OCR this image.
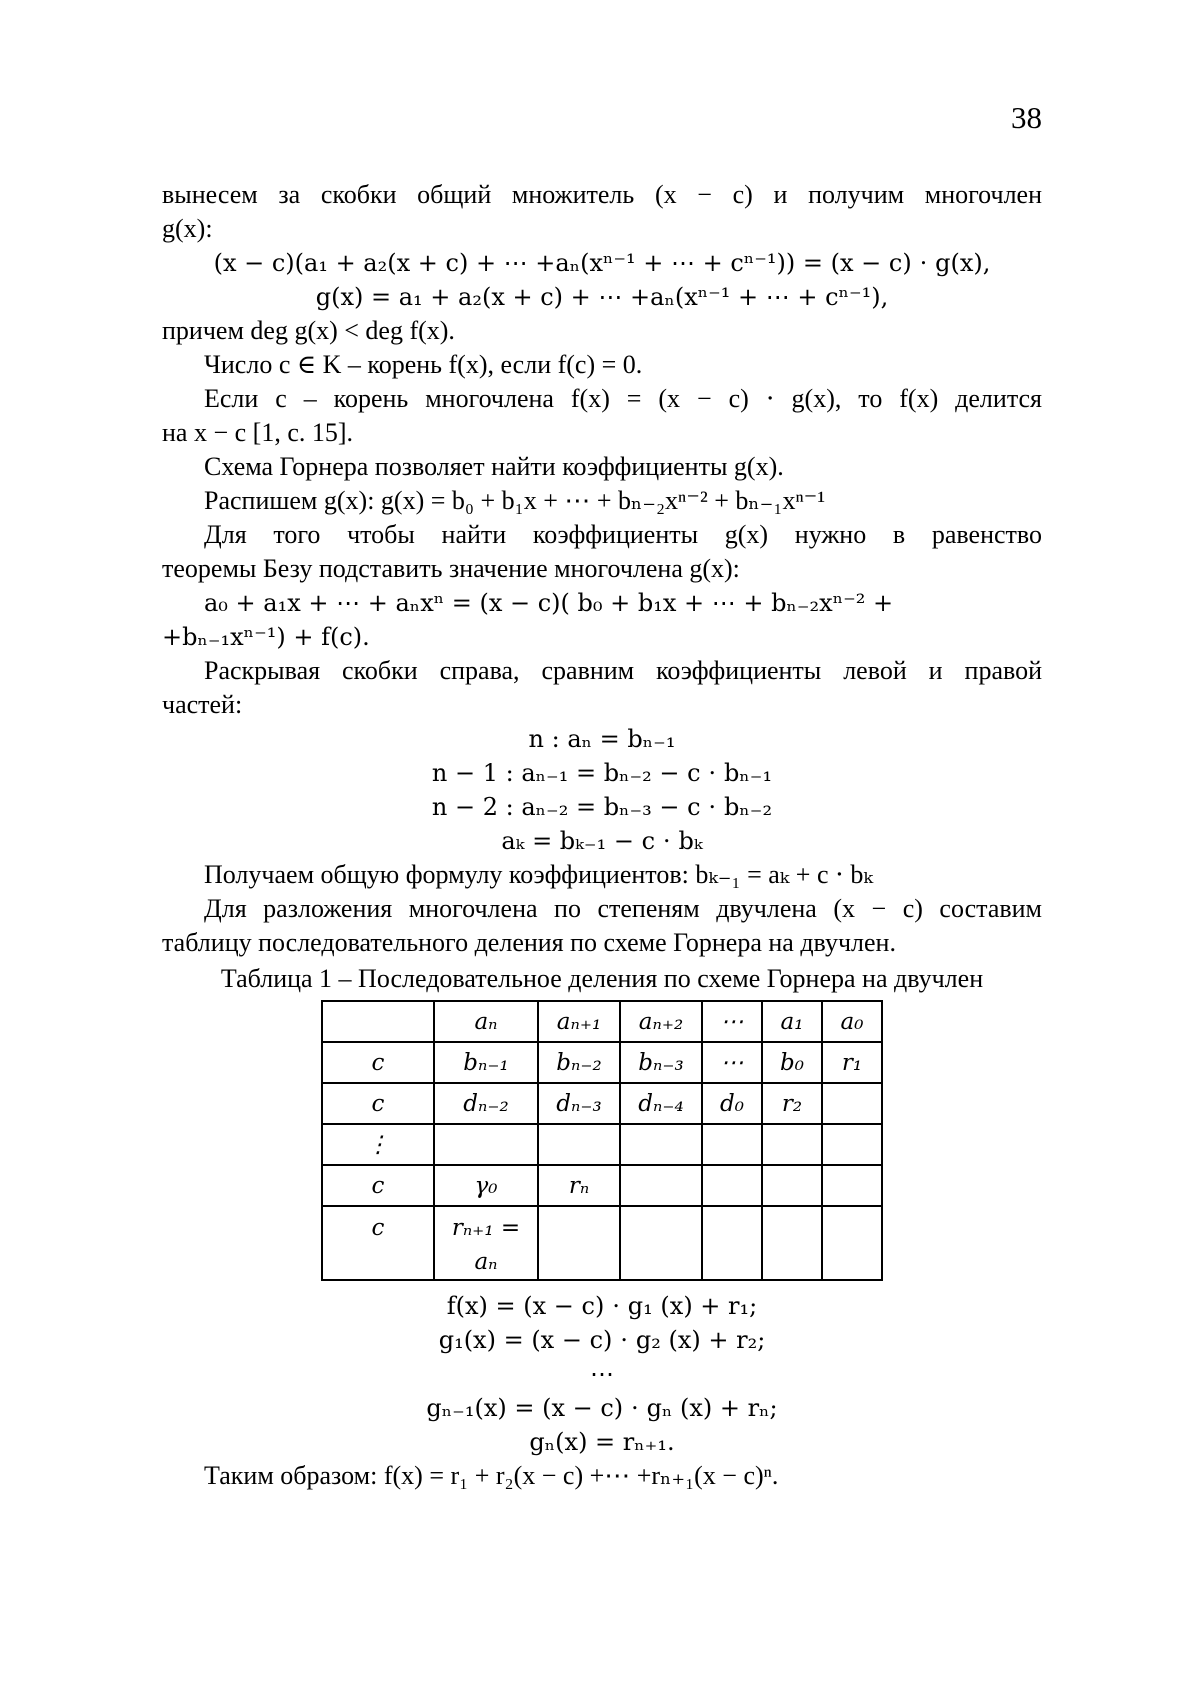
38

вынесем за скобки общий множитель (x − c) и получим многочлен

g(x):

(x − c)(a₁ + a₂(x + c) + ⋯ +aₙ(xⁿ⁻¹ + ⋯ + cⁿ⁻¹)) = (x − c) ⋅ g(x),

g(x) = a₁ + a₂(x + c) + ⋯ +aₙ(xⁿ⁻¹ + ⋯ + cⁿ⁻¹),

причем deg g(x) < deg f(x).

Число c ∈ K – корень f(x), если f(c) = 0.

Если c – корень многочлена f(x) = (x − c) ⋅ g(x), то f(x) делится

на x − c [1, с. 15].

Схема Горнера позволяет найти коэффициенты g(x).

Распишем g(x): g(x) = b₀ + b₁x + ⋯ + bₙ₋₂xⁿ⁻² + bₙ₋₁xⁿ⁻¹

Для того чтобы найти коэффициенты g(x) нужно в равенство

теоремы Безу подставить значение многочлена g(x):

a₀ + a₁x + ⋯ + aₙxⁿ = (x − c)( b₀ + b₁x + ⋯ + bₙ₋₂xⁿ⁻² +

+bₙ₋₁xⁿ⁻¹) + f(c).

Раскрывая скобки справа, сравним коэффициенты левой и правой

частей:

n : aₙ = bₙ₋₁

n − 1 : aₙ₋₁ = bₙ₋₂ − c ⋅ bₙ₋₁

n − 2 : aₙ₋₂ = bₙ₋₃ − c ⋅ bₙ₋₂

aₖ = bₖ₋₁ − c ⋅ bₖ

Получаем общую формулу коэффициентов: bₖ₋₁ = aₖ + c ⋅ bₖ

Для разложения многочлена по степеням двучлена (x − c) составим

таблицу последовательного деления по схеме Горнера на двучлен.

Таблица 1 – Последовательное деления по схеме Горнера на двучлен

	aₙ	aₙ₊₁	aₙ₊₂	⋯	a₁	a₀
c	bₙ₋₁	bₙ₋₂	bₙ₋₃	⋯	b₀	r₁
c	dₙ₋₂	dₙ₋₃	dₙ₋₄	d₀	r₂	
⋮						
c	γ₀	rₙ				
c	rₙ₊₁ = aₙ					

f(x) = (x − c) ⋅ g₁ (x) + r₁;

g₁(x) = (x − c) ⋅ g₂ (x) + r₂;

⋯

gₙ₋₁(x) = (x − c) ⋅ gₙ (x) + rₙ;

gₙ(x) = rₙ₊₁.

Таким образом: f(x) = r₁ + r₂(x − c) +⋯ +rₙ₊₁(x − c)ⁿ.
